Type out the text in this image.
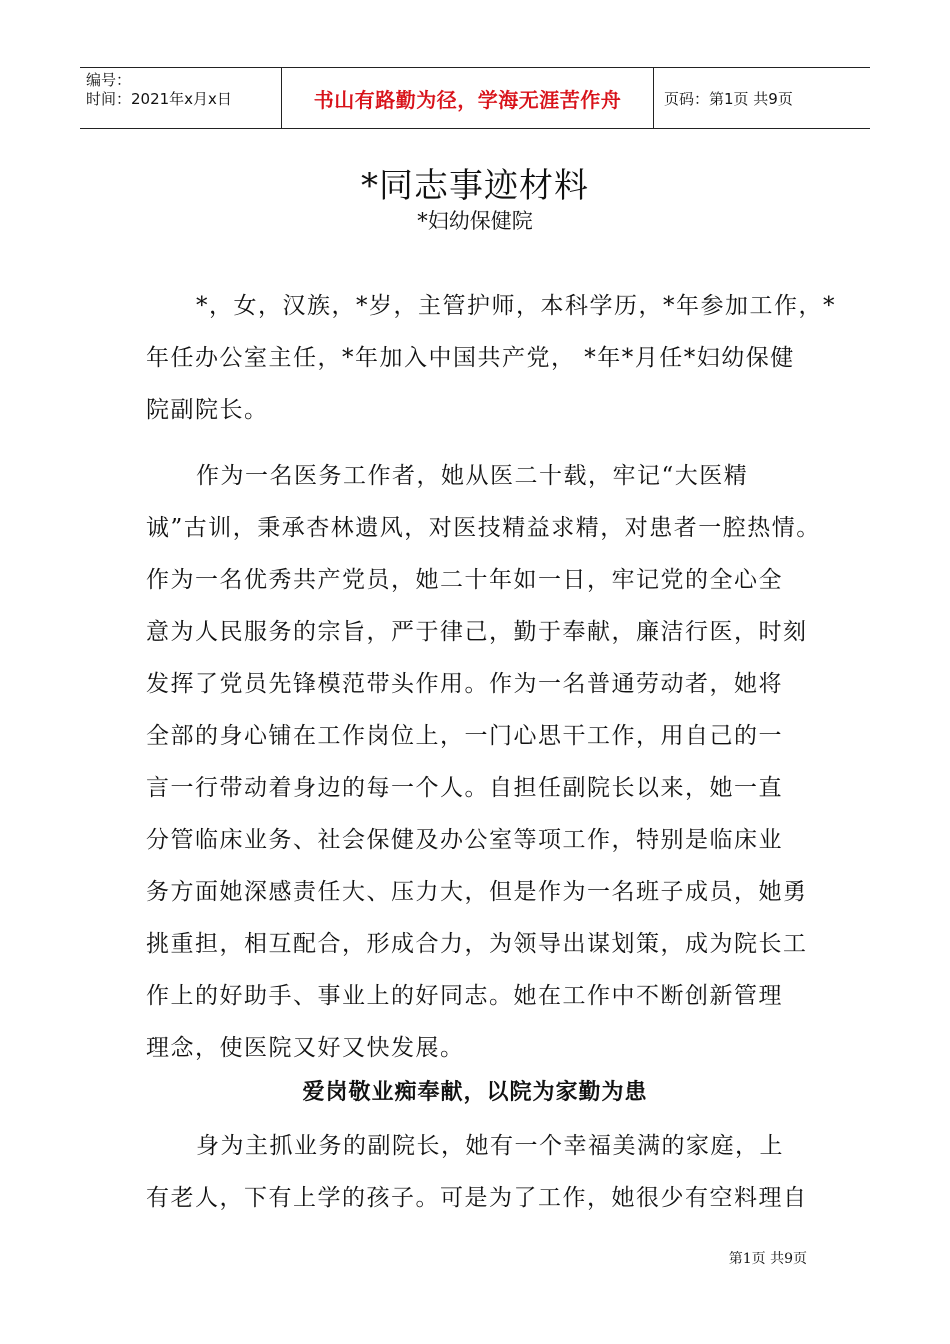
编号：
时间：2021年x月x日	书山有路勤为径，学海无涯苦作舟	页码：第1页 共9页
*同志事迹材料
*妇幼保健院
*，女，汉族，*岁，主管护师，本科学历，*年参加工作，*
年任办公室主任，*年加入中国共产党， *年*月任*妇幼保健
院副院长。
作为一名医务工作者，她从医二十载，牢记“大医精
诚”古训，秉承杏林遗风，对医技精益求精，对患者一腔热情。
作为一名优秀共产党员，她二十年如一日，牢记党的全心全
意为人民服务的宗旨，严于律己，勤于奉献，廉洁行医，时刻
发挥了党员先锋模范带头作用。作为一名普通劳动者，她将
全部的身心铺在工作岗位上，一门心思干工作，用自己的一
言一行带动着身边的每一个人。自担任副院长以来，她一直
分管临床业务、社会保健及办公室等项工作，特别是临床业
务方面她深感责任大、压力大，但是作为一名班子成员，她勇
挑重担，相互配合，形成合力，为领导出谋划策，成为院长工
作上的好助手、事业上的好同志。她在工作中不断创新管理
理念，使医院又好又快发展。
爱岗敬业痴奉献，以院为家勤为患
身为主抓业务的副院长，她有一个幸福美满的家庭，上
有老人，下有上学的孩子。可是为了工作，她很少有空料理自
第1页 共9页
